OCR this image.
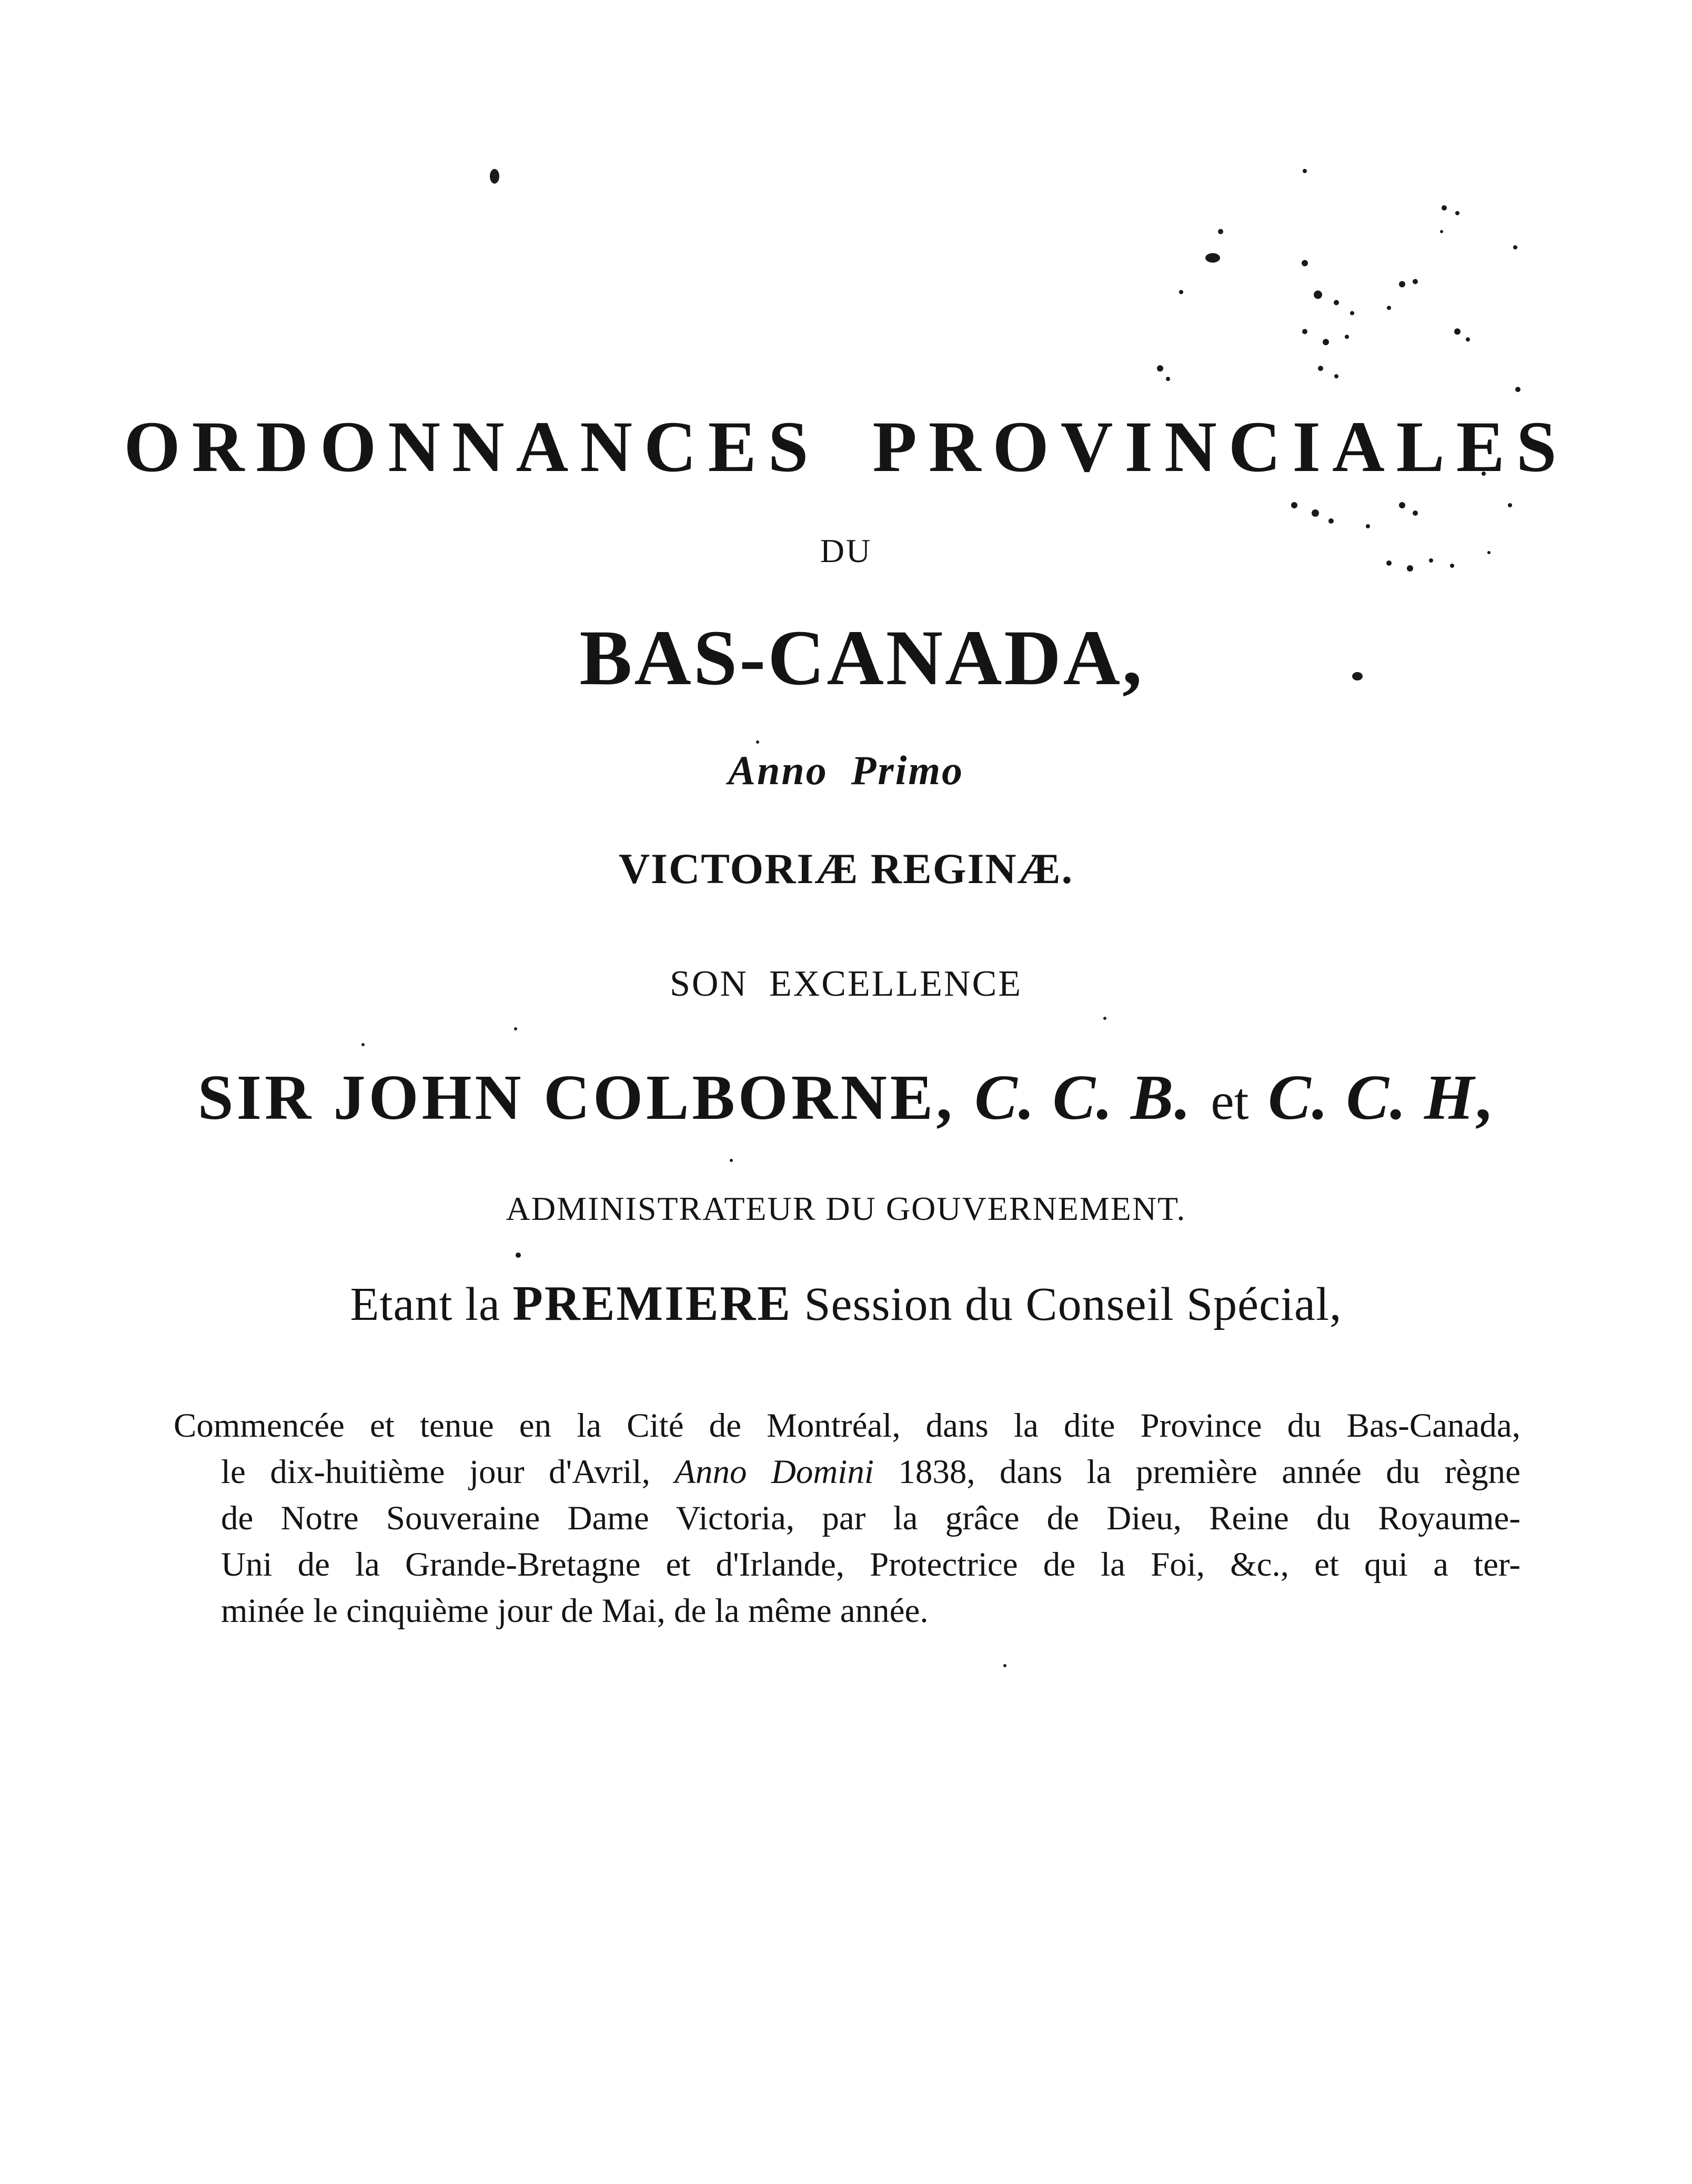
ORDONNANCES PROVINCIALES
DU
BAS-CANADA,
Anno Primo
VICTORIÆ REGINÆ.
SON EXCELLENCE
SIR JOHN COLBORNE, C. C. B. et C. C. H,
ADMINISTRATEUR DU GOUVERNEMENT.
Etant la PREMIERE Session du Conseil Spécial,
Commencée et tenue en la Cité de Montréal, dans la dite Province du Bas-Canada,
le dix-huitième jour d'Avril, Anno Domini 1838, dans la première année du règne
de Notre Souveraine Dame Victoria, par la grâce de Dieu, Reine du Royaume-
Uni de la Grande-Bretagne et d'Irlande, Protectrice de la Foi, &c., et qui a ter-
minée le cinquième jour de Mai, de la même année.
